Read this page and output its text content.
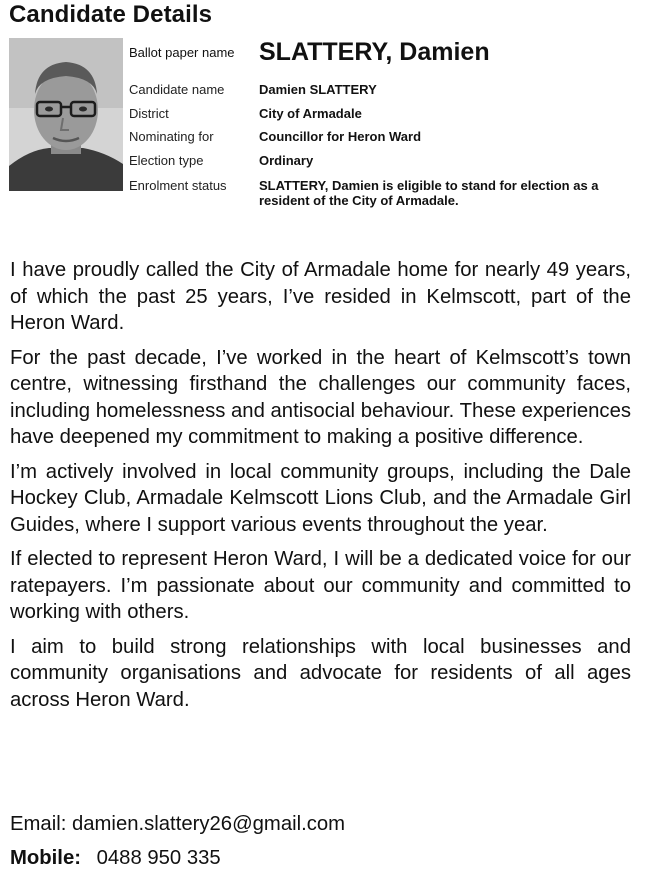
Candidate Details
Ballot paper name SLATTERY, Damien
Candidate name	Damien SLATTERY
District	City of Armadale
Nominating for	Councillor for Heron Ward
Election type	Ordinary
Enrolment status	SLATTERY, Damien is eligible to stand for election as a resident of the City of Armadale.

I have proudly called the City of Armadale home for nearly 49 years, of which the past 25 years, I’ve resided in Kelmscott, part of the Heron Ward.

For the past decade, I’ve worked in the heart of Kelmscott’s town centre, witnessing firsthand the challenges our community faces, including homelessness and antisocial behaviour. These experiences have deepened my commitment to making a positive difference.

I’m actively involved in local community groups, including the Dale Hockey Club, Armadale Kelmscott Lions Club, and the Armadale Girl Guides, where I support various events throughout the year.

If elected to represent Heron Ward, I will be a dedicated voice for our ratepayers. I’m passionate about our community and committed to working with others.

I aim to build strong relationships with local businesses and community organisations and advocate for residents of all ages across Heron Ward.

Email: damien.slattery26@gmail.com
Mobile: 0488 950 335
